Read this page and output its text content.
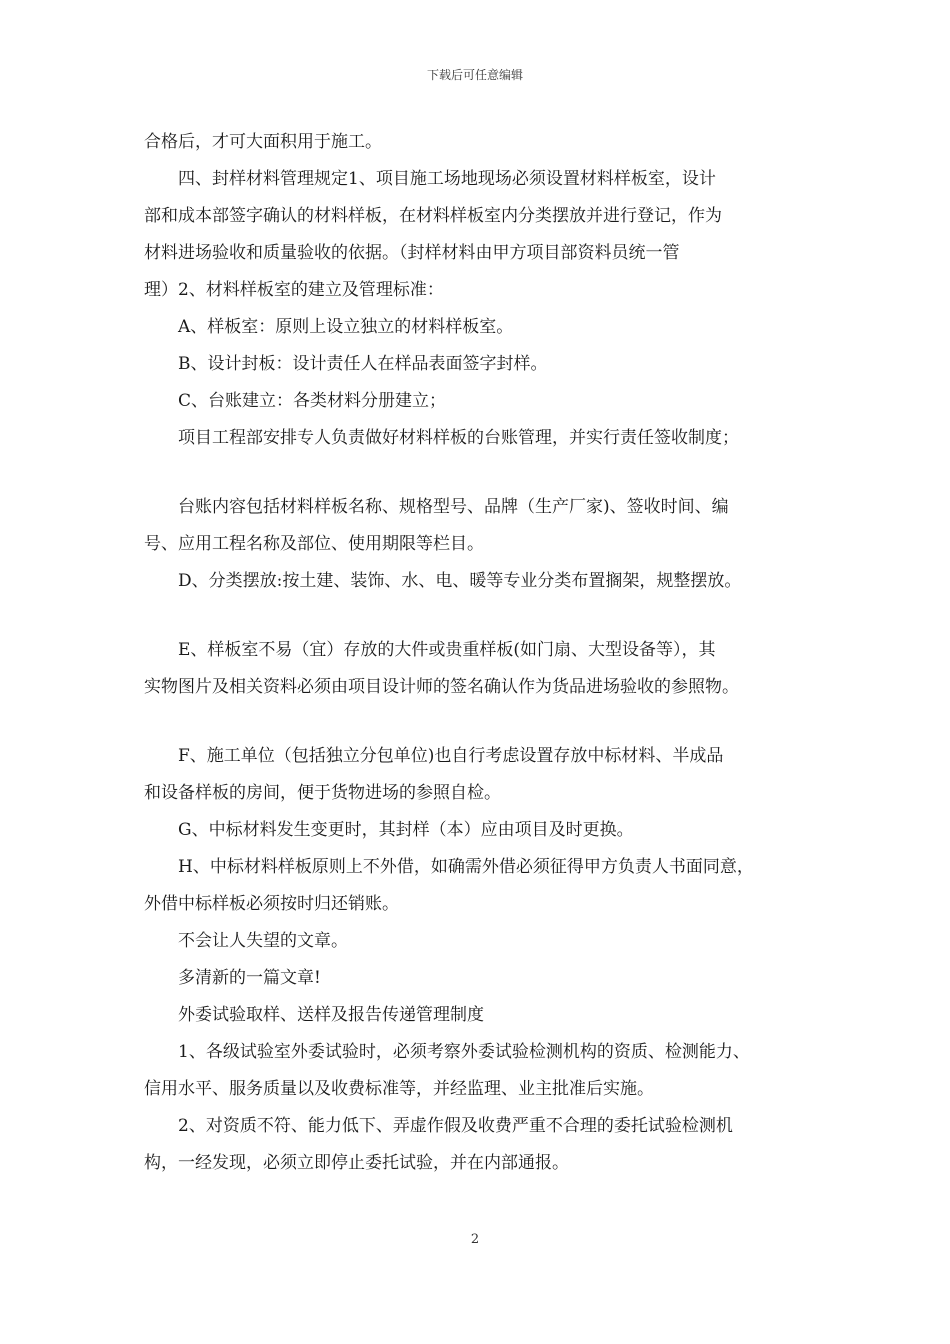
下载后可任意编辑
合格后，才可大面积用于施工。
四、封样材料管理规定1、项目施工场地现场必须设置材料样板室，设计
部和成本部签字确认的材料样板，在材料样板室内分类摆放并进行登记，作为
材料进场验收和质量验收的依据。（封样材料由甲方项目部资料员统一管
理）2、材料样板室的建立及管理标准：
A、样板室：原则上设立独立的材料样板室。
B、设计封板：设计责任人在样品表面签字封样。
C、台账建立：各类材料分册建立；
项目工程部安排专人负责做好材料样板的台账管理，并实行责任签收制度；
台账内容包括材料样板名称、规格型号、品牌（生产厂家)、签收时间、编
号、应用工程名称及部位、使用期限等栏目。
D、分类摆放:按土建、装饰、水、电、暖等专业分类布置搁架，规整摆放。
E、样板室不易（宜）存放的大件或贵重样板(如门扇、大型设备等），其
实物图片及相关资料必须由项目设计师的签名确认作为货品进场验收的参照物。
F、施工单位（包括独立分包单位)也自行考虑设置存放中标材料、半成品
和设备样板的房间，便于货物进场的参照自检。
G、中标材料发生变更时，其封样（本）应由项目及时更换。
H、中标材料样板原则上不外借，如确需外借必须征得甲方负责人书面同意，
外借中标样板必须按时归还销账。
不会让人失望的文章。
多清新的一篇文章!
外委试验取样、送样及报告传递管理制度
1、各级试验室外委试验时，必须考察外委试验检测机构的资质、检测能力、
信用水平、服务质量以及收费标准等，并经监理、业主批准后实施。
2、对资质不符、能力低下、弄虚作假及收费严重不合理的委托试验检测机
构，一经发现，必须立即停止委托试验，并在内部通报。
2
